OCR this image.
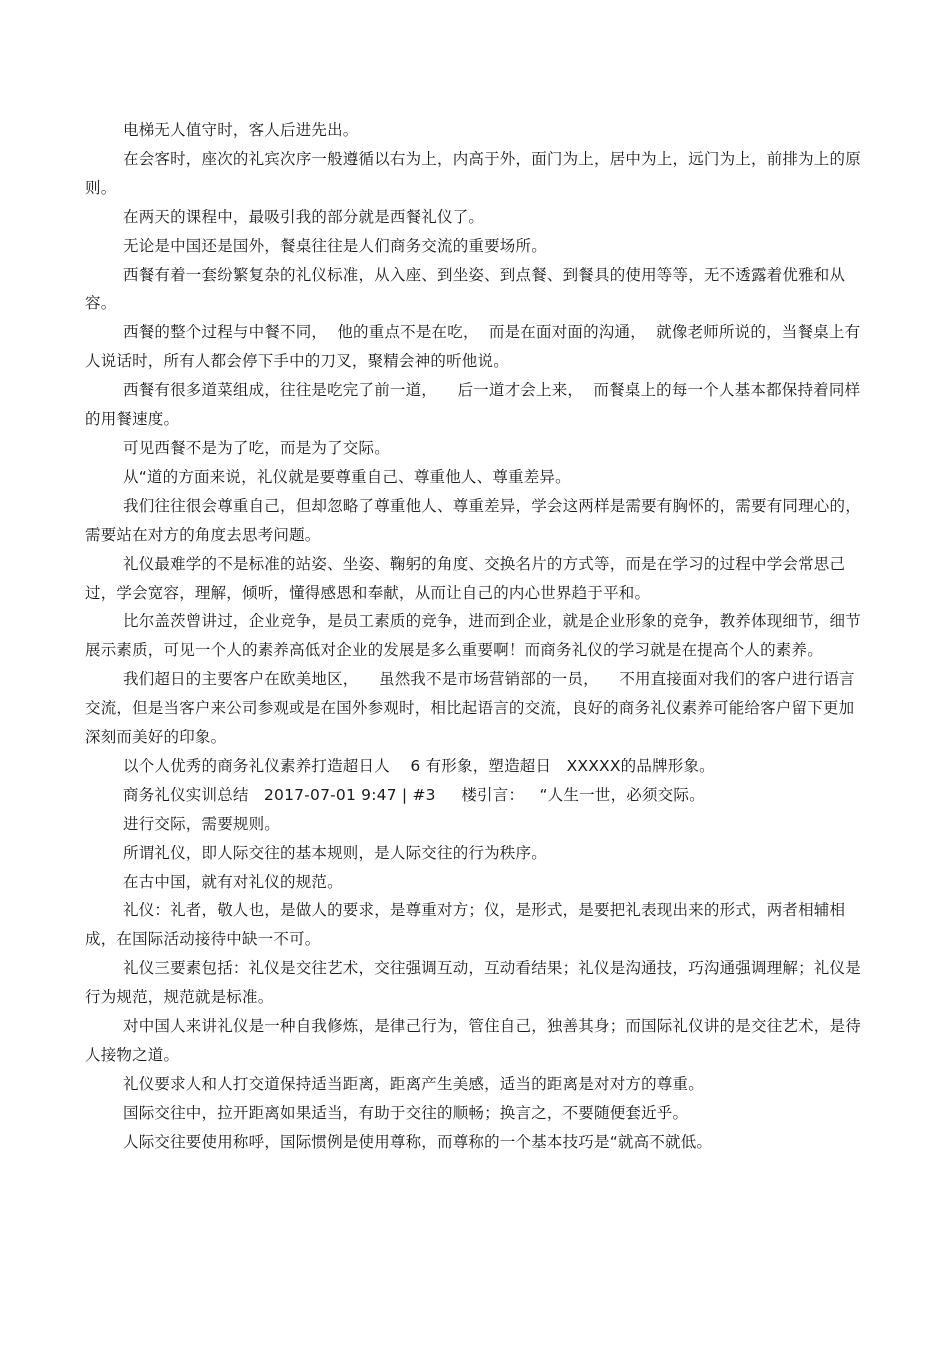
电梯无人值守时，客人后进先出。

在会客时，座次的礼宾次序一般遵循以右为上，内高于外，面门为上，居中为上，远门为上，前排为上的原则。

在两天的课程中，最吸引我的部分就是西餐礼仪了。

无论是中国还是国外，餐桌往往是人们商务交流的重要场所。

西餐有着一套纷繁复杂的礼仪标准，从入座、到坐姿、到点餐、到餐具的使用等等，无不透露着优雅和从容。

西餐的整个过程与中餐不同，  他的重点不是在吃，  而是在面对面的沟通，  就像老师所说的，当餐桌上有人说话时，所有人都会停下手中的刀叉，聚精会神的听他说。

西餐有很多道菜组成，往往是吃完了前一道，    后一道才会上来，  而餐桌上的每一个人基本都保持着同样的用餐速度。

可见西餐不是为了吃，而是为了交际。

从“道的方面来说，礼仪就是要尊重自己、尊重他人、尊重差异。

我们往往很会尊重自己，但却忽略了尊重他人、尊重差异，学会这两样是需要有胸怀的，需要有同理心的，需要站在对方的角度去思考问题。

礼仪最难学的不是标准的站姿、坐姿、鞠躬的角度、交换名片的方式等，而是在学习的过程中学会常思己过，学会宽容，理解，倾听，懂得感恩和奉献，从而让自己的内心世界趋于平和。

比尔盖茨曾讲过，企业竞争，是员工素质的竞争，进而到企业，就是企业形象的竞争，教养体现细节，细节展示素质，可见一个人的素养高低对企业的发展是多么重要啊！而商务礼仪的学习就是在提高个人的素养。

我们超日的主要客户在欧美地区，    虽然我不是市场营销部的一员，    不用直接面对我们的客户进行语言交流，但是当客户来公司参观或是在国外参观时，相比起语言的交流，良好的商务礼仪素养可能给客户留下更加深刻而美好的印象。

以个人优秀的商务礼仪素养打造超日人    6 有形象，塑造超日   XXXXX的品牌形象。

商务礼仪实训总结   2017-07-01 9:47 | #3     楼引言：   “人生一世，必须交际。

进行交际，需要规则。

所谓礼仪，即人际交往的基本规则，是人际交往的行为秩序。

在古中国，就有对礼仪的规范。

礼仪：礼者，敬人也，是做人的要求，是尊重对方；仪，是形式，是要把礼表现出来的形式，两者相辅相成，在国际活动接待中缺一不可。

礼仪三要素包括：礼仪是交往艺术，交往强调互动，互动看结果；礼仪是沟通技，巧沟通强调理解；礼仪是行为规范，规范就是标准。

对中国人来讲礼仪是一种自我修炼，是律己行为，管住自己，独善其身；而国际礼仪讲的是交往艺术，是待人接物之道。

礼仪要求人和人打交道保持适当距离，距离产生美感，适当的距离是对对方的尊重。

国际交往中，拉开距离如果适当，有助于交往的顺畅；换言之，不要随便套近乎。

人际交往要使用称呼，国际惯例是使用尊称，而尊称的一个基本技巧是“就高不就低。
